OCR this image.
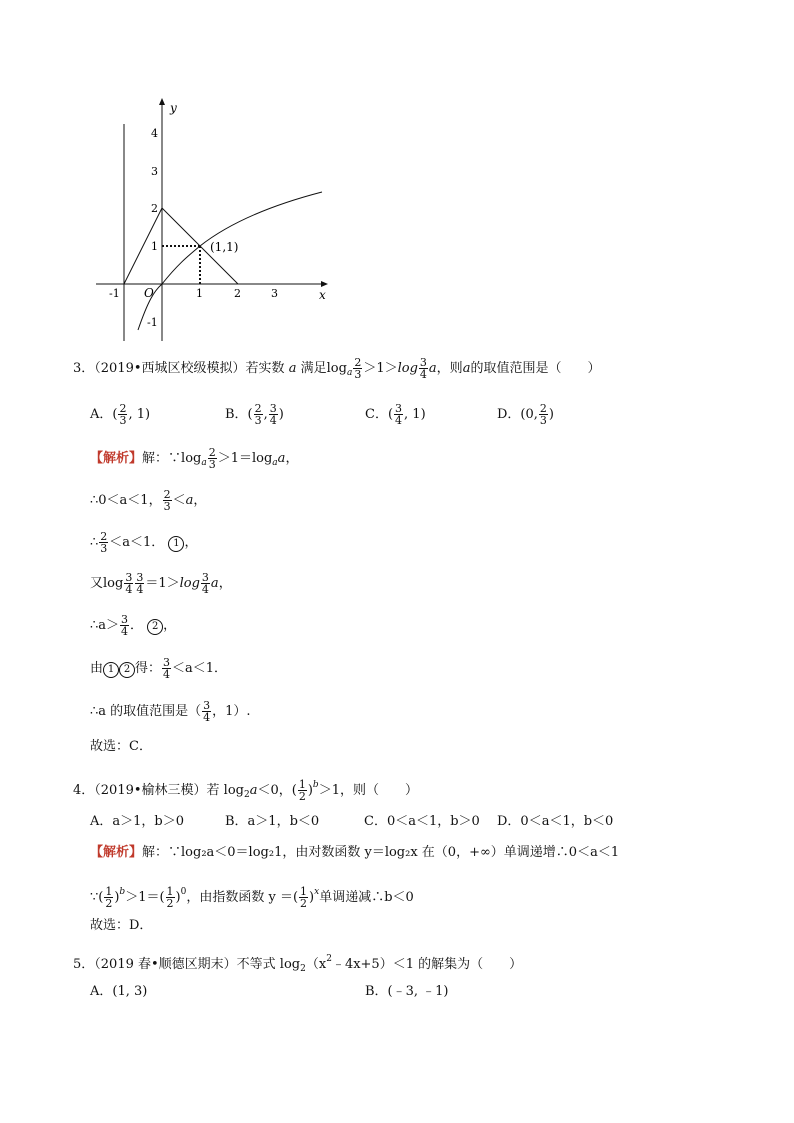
y
x
O
4
3
2
1
-1
-1	1	2	3
(1,1)
3．（2019•西城区校级模拟）若实数 a 满足$\log_a \frac{2}{3} >1>\log \frac{3}{4}$ a，则a的取值范围是（　　）
A．( $\frac{2}{3}$ , 1)	B．( $\frac{2}{3}$ , $\frac{3}{4}$ )	C．( $\frac{3}{4}$ , 1)	D．(0, $\frac{2}{3}$ )
【解析】解：$\because\log_a \frac{2}{3} >1=\log_aa$，
∴0＜a＜1， $\frac{2}{3} <a$，
∴ $\frac{2}{3} <a<1$． 1 ，
又$\log \frac{3}{4} \frac{3}{4} =1>\log \frac{3}{4}$ a，
∴a＞ $\frac{3}{4}$ ． 2 ，
由 1 2 得： $\frac{3}{4} <a<1$．
∴a 的取值范围是（ $\frac{3}{4}$ ，1）.
故选：C．
4．（2019•榆林三模）若 $\log_2a<0$，( $\frac{1}{2} )^b>1$，则（　　）
A．a＞1，b＞0	B．a＞1，b＜0	C．0＜a＜1，b＞0 D．0＜a＜1，b＜0
【解析】解：∵log₂a＜0＝log₂1，由对数函数 y＝log₂x 在（0，+∞）单调递增∴0＜a＜1
∵( $\frac{1}{2} )^b>1=( \frac{1}{2} )^0$，由指数函数 y ＝( $\frac{1}{2} )^x$单调递减∴b＜0
故选：D．
5．（2019 春•顺德区期末）不等式 $\log_2(x^2﹣4x+5)<1$ 的解集为（　　）
A．(1, 3)	B．(﹣3, ﹣1)
